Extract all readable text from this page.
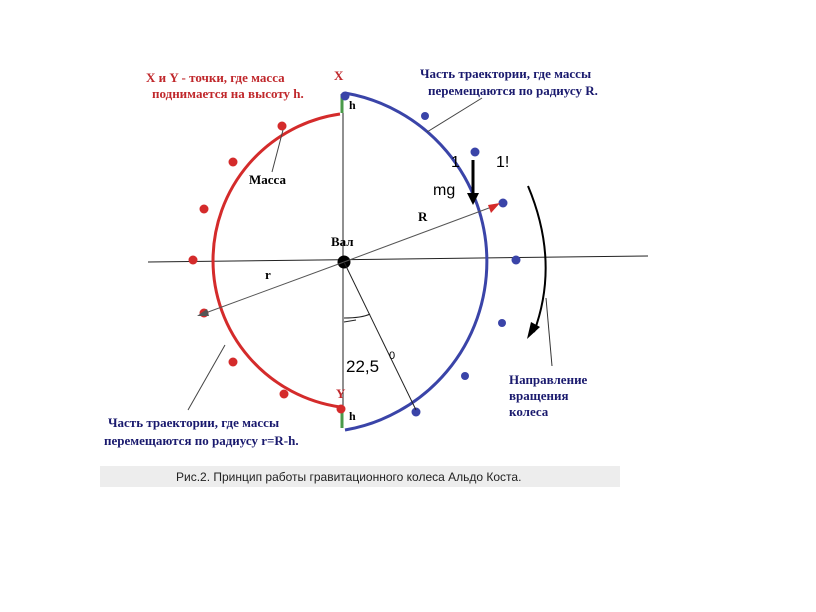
X и Y - точки, где масса
поднимается на высоту h.
X
Y
h
h
Часть траектории, где массы
перемещаются по радиусу R.
Часть траектории, где массы
перемещаются по радиусу r=R-h.
Масса
Вал
R
r
1 1!
mg
22,5
0
Направление
вращения
колеса
Рис.2. Принцип работы гравитационного колеса Альдо Коста.
